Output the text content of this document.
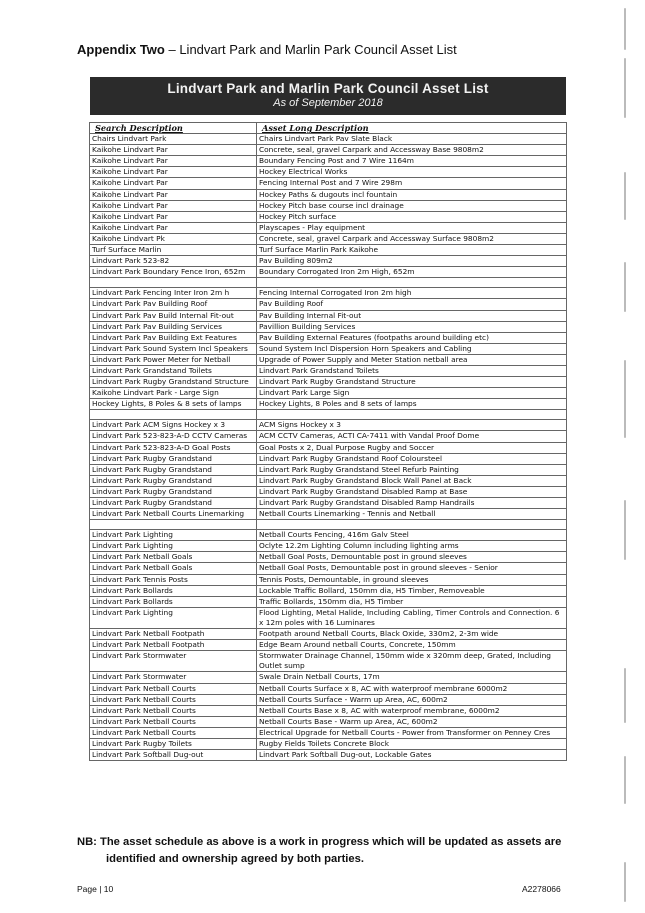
Appendix Two – Lindvart Park and Marlin Park Council Asset List
Lindvart Park and Marlin Park Council Asset List
As of September 2018
Search Description	Asset Long Description
Chairs Lindvart Park	Chairs Lindvart Park Pav Slate Black
Kaikohe Lindvart Par	Concrete, seal, gravel Carpark and Accessway Base 9808m2
Kaikohe Lindvart Par	Boundary Fencing Post and 7 Wire 1164m
Kaikohe Lindvart Par	Hockey Electrical Works
Kaikohe Lindvart Par	Fencing Internal Post and 7 Wire 298m
Kaikohe Lindvart Par	Hockey Paths & dugouts incl fountain
Kaikohe Lindvart Par	Hockey Pitch base course incl drainage
Kaikohe Lindvart Par	Hockey Pitch surface
Kaikohe Lindvart Par	Playscapes - Play equipment
Kaikohe Lindvart Pk	Concrete, seal, gravel Carpark and Accessway Surface 9808m2
Turf Surface Marlin	Turf Surface Marlin Park Kaikohe
Lindvart Park 523-82	Pav Building 809m2
Lindvart Park Boundary Fence Iron, 652m	Boundary Corrogated Iron 2m High, 652m

Lindvart Park Fencing Inter Iron 2m h	Fencing Internal Corrogated Iron 2m high
Lindvart Park Pav Building Roof	Pav Building Roof
Lindvart Park Pav Build Internal Fit-out	Pav Building Internal Fit-out
Lindvart Park Pav Building Services	Pavillion Building Services
Lindvart Park Pav Building Ext Features	Pav Building External Features (footpaths around building etc)
Lindvart Park Sound System Incl Speakers	Sound System Incl Dispersion Horn Speakers and Cabling
Lindvart Park Power Meter for Netball	Upgrade of Power Supply and Meter Station netball area
Lindvart Park Grandstand Toilets	Lindvart Park Grandstand Toilets
Lindvart Park Rugby Grandstand Structure	Lindvart Park Rugby Grandstand Structure
Kaikohe Lindvart Park - Large Sign	Lindvart Park Large Sign
Hockey Lights, 8 Poles & 8 sets of lamps	Hockey Lights, 8 Poles and 8 sets of lamps

Lindvart Park ACM Signs Hockey x 3	ACM Signs Hockey x 3
Lindvart Park 523-823-A-D CCTV Cameras	ACM CCTV Cameras, ACTI CA-7411 with Vandal Proof Dome
Lindvart Park 523-823-A-D Goal Posts	Goal Posts x 2, Dual Purpose Rugby and Soccer
Lindvart Park Rugby Grandstand	Lindvart Park Rugby Grandstand Roof Coloursteel
Lindvart Park Rugby Grandstand	Lindvart Park Rugby Grandstand Steel Refurb Painting
Lindvart Park Rugby Grandstand	Lindvart Park Rugby Grandstand Block Wall Panel at Back
Lindvart Park Rugby Grandstand	Lindvart Park Rugby Grandstand Disabled Ramp at Base
Lindvart Park Rugby Grandstand	Lindvart Park Rugby Grandstand Disabled Ramp Handrails
Lindvart Park Netball Courts Linemarking	Netball Courts Linemarking - Tennis and Netball

Lindvart Park Lighting	Netball Courts Fencing, 416m Galv Steel
Lindvart Park Lighting	Oclyte 12.2m Lighting Column including lighting arms
Lindvart Park Netball Goals	Netball Goal Posts, Demountable post in ground sleeves
Lindvart Park Netball Goals	Netball Goal Posts, Demountable post in ground sleeves - Senior
Lindvart Park Tennis Posts	Tennis Posts, Demountable, in ground sleeves
Lindvart Park Bollards	Lockable Traffic Bollard, 150mm dia, H5 Timber, Removeable
Lindvart Park Bollards	Traffic Bollards, 150mm dia, H5 Timber
Lindvart Park Lighting	Flood Lighting, Metal Halide, Including Cabling, Timer Controls and Connection. 6 x 12m poles with 16 Luminares
Lindvart Park Netball Footpath	Footpath around Netball Courts, Black Oxide, 330m2, 2-3m wide
Lindvart Park Netball Footpath	Edge Beam Around netball Courts, Concrete, 150mm
Lindvart Park Stormwater	Stormwater Drainage Channel, 150mm wide x 320mm deep, Grated, Including Outlet sump
Lindvart Park Stormwater	Swale Drain Netball Courts, 17m
Lindvart Park Netball Courts	Netball Courts Surface x 8, AC with waterproof membrane 6000m2
Lindvart Park Netball Courts	Netball Courts Surface - Warm up Area, AC, 600m2
Lindvart Park Netball Courts	Netball Courts Base x 8, AC with waterproof membrane, 6000m2
Lindvart Park Netball Courts	Netball Courts Base - Warm up Area, AC, 600m2
Lindvart Park Netball Courts	Electrical Upgrade for Netball Courts - Power from Transformer on Penney Cres
Lindvart Park Rugby Toilets	Rugby Fields Toilets Concrete Block
Lindvart Park Softball Dug-out	Lindvart Park Softball Dug-out, Lockable Gates
NB: The asset schedule as above is a work in progress which will be updated as assets are
identified and ownership agreed by both parties.
Page | 10	A2278066
